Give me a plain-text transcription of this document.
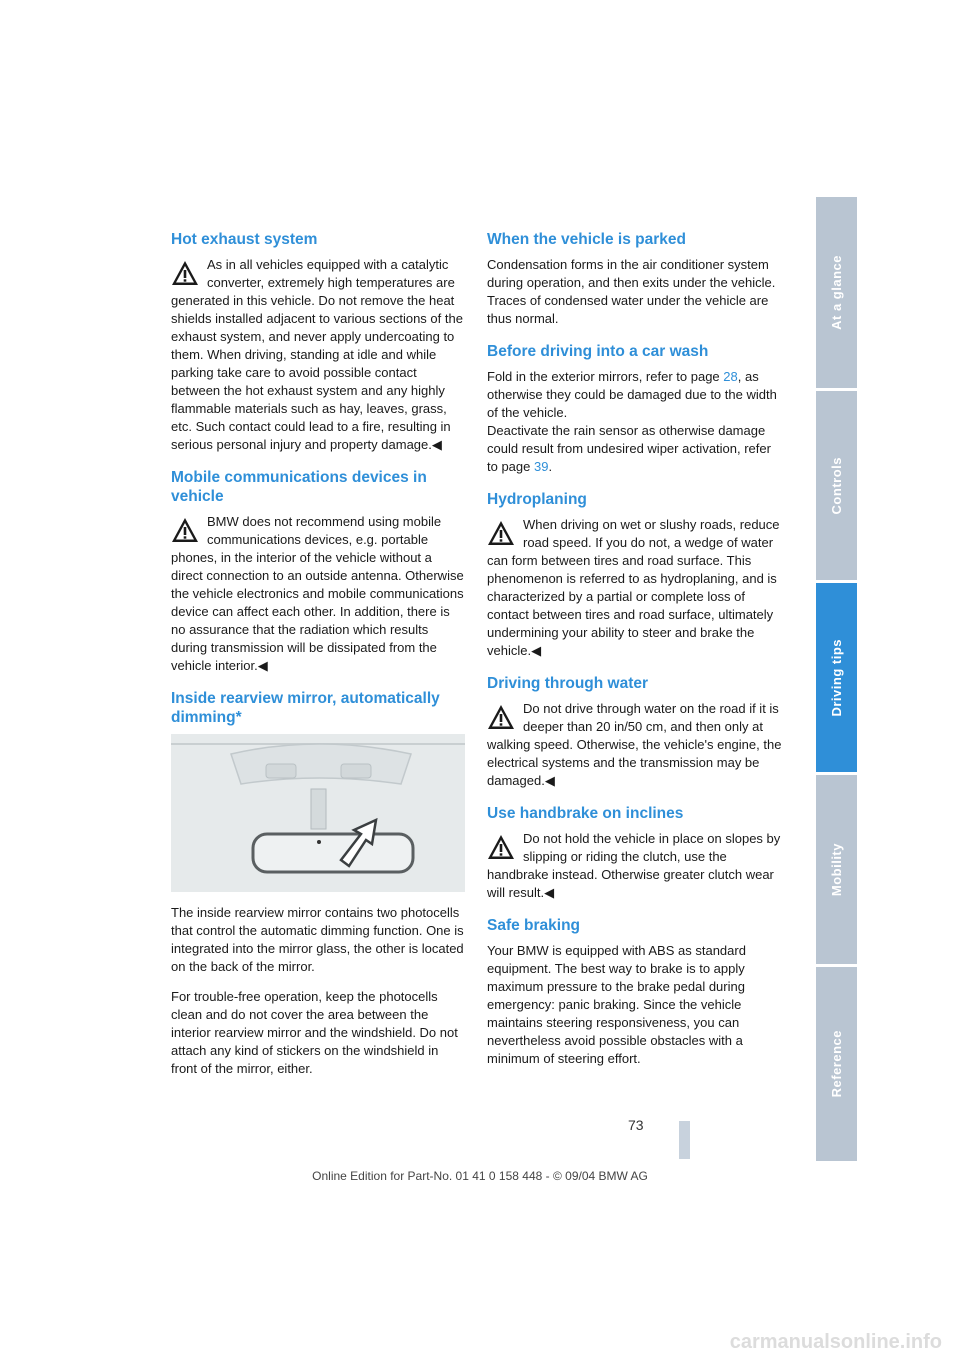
Hot exhaust system

As in all vehicles equipped with a catalytic converter, extremely high temperatures are generated in this vehicle. Do not remove the heat shields installed adjacent to various sections of the exhaust system, and never apply undercoating to them. When driving, standing at idle and while parking take care to avoid possible contact between the hot exhaust system and any highly flammable materials such as hay, leaves, grass, etc. Such contact could lead to a fire, resulting in serious personal injury and property damage.◀

Mobile communications devices in vehicle

BMW does not recommend using mobile communications devices, e.g. portable phones, in the interior of the vehicle without a direct connection to an outside antenna. Otherwise the vehicle electronics and mobile communications device can affect each other. In addition, there is no assurance that the radiation which results during transmission will be dissipated from the vehicle interior.◀

Inside rearview mirror, automatically dimming*

The inside rearview mirror contains two photocells that control the automatic dimming function. One is integrated into the mirror glass, the other is located on the back of the mirror.

For trouble-free operation, keep the photocells clean and do not cover the area between the interior rearview mirror and the windshield. Do not attach any kind of stickers on the windshield in front of the mirror, either.

When the vehicle is parked

Condensation forms in the air conditioner system during operation, and then exits under the vehicle. Traces of condensed water under the vehicle are thus normal.

Before driving into a car wash

Fold in the exterior mirrors, refer to page 28, as otherwise they could be damaged due to the width of the vehicle.

Deactivate the rain sensor as otherwise damage could result from undesired wiper activation, refer to page 39.

Hydroplaning

When driving on wet or slushy roads, reduce road speed. If you do not, a wedge of water can form between tires and road surface. This phenomenon is referred to as hydroplaning, and is characterized by a partial or complete loss of contact between tires and road surface, ultimately undermining your ability to steer and brake the vehicle.◀

Driving through water

Do not drive through water on the road if it is deeper than 20 in/50 cm, and then only at walking speed. Otherwise, the vehicle's engine, the electrical systems and the transmission may be damaged.◀

Use handbrake on inclines

Do not hold the vehicle in place on slopes by slipping or riding the clutch, use the handbrake instead. Otherwise greater clutch wear will result.◀

Safe braking

Your BMW is equipped with ABS as standard equipment. The best way to brake is to apply maximum pressure to the brake pedal during emergency: panic braking. Since the vehicle maintains steering responsiveness, you can nevertheless avoid possible obstacles with a minimum of steering effort.

At a glance
Controls
Driving tips
Mobility
Reference
73
Online Edition for Part-No. 01 41 0 158 448 - © 09/04 BMW AG
carmanualsonline.info
